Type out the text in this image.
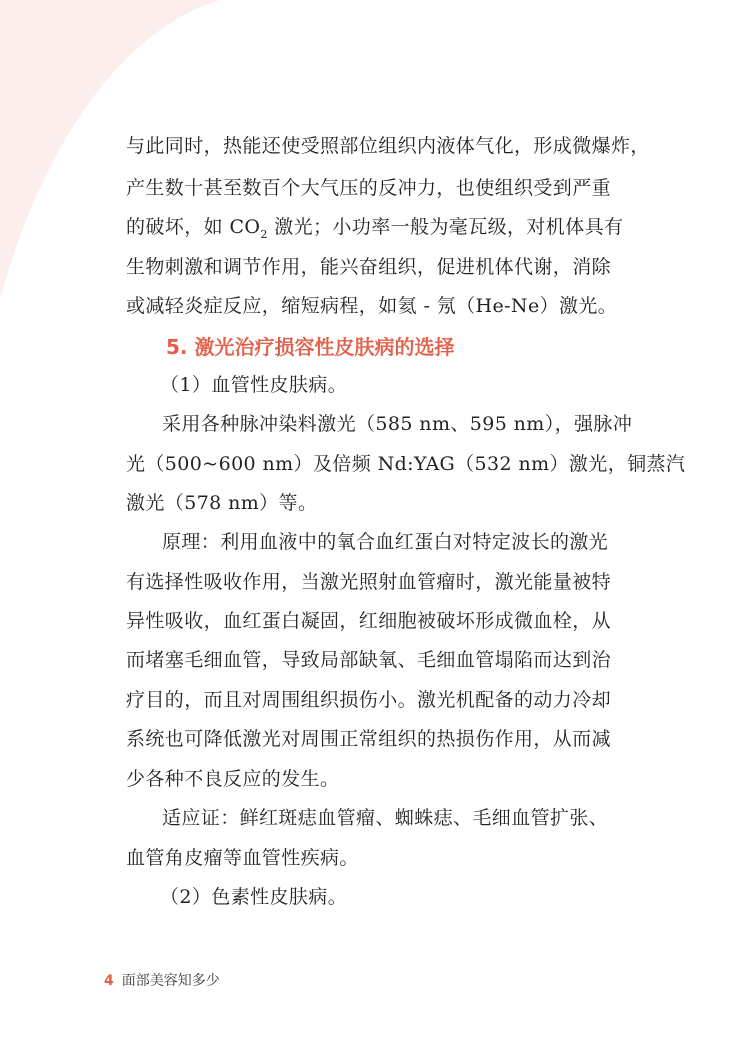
与此同时，热能还使受照部位组织内液体气化，形成微爆炸，
产生数十甚至数百个大气压的反冲力，也使组织受到严重
的破坏，如 $CO_2$ 激光；小功率一般为毫瓦级，对机体具有
生物刺激和调节作用，能兴奋组织，促进机体代谢，消除
或减轻炎症反应，缩短病程，如氦 - 氖（He-Ne）激光。
5. 激光治疗损容性皮肤病的选择
（1）血管性皮肤病。
采用各种脉冲染料激光（585 nm、595 nm），强脉冲
光（500~600 nm）及倍频 Nd:YAG（532 nm）激光，铜蒸汽
激光（578 nm）等。
原理：利用血液中的氧合血红蛋白对特定波长的激光
有选择性吸收作用，当激光照射血管瘤时，激光能量被特
异性吸收，血红蛋白凝固，红细胞被破坏形成微血栓，从
而堵塞毛细血管，导致局部缺氧、毛细血管塌陷而达到治
疗目的，而且对周围组织损伤小。激光机配备的动力冷却
系统也可降低激光对周围正常组织的热损伤作用，从而减
少各种不良反应的发生。
适应证：鲜红斑痣血管瘤、蜘蛛痣、毛细血管扩张、
血管角皮瘤等血管性疾病。
（2）色素性皮肤病。
4 面部美容知多少
